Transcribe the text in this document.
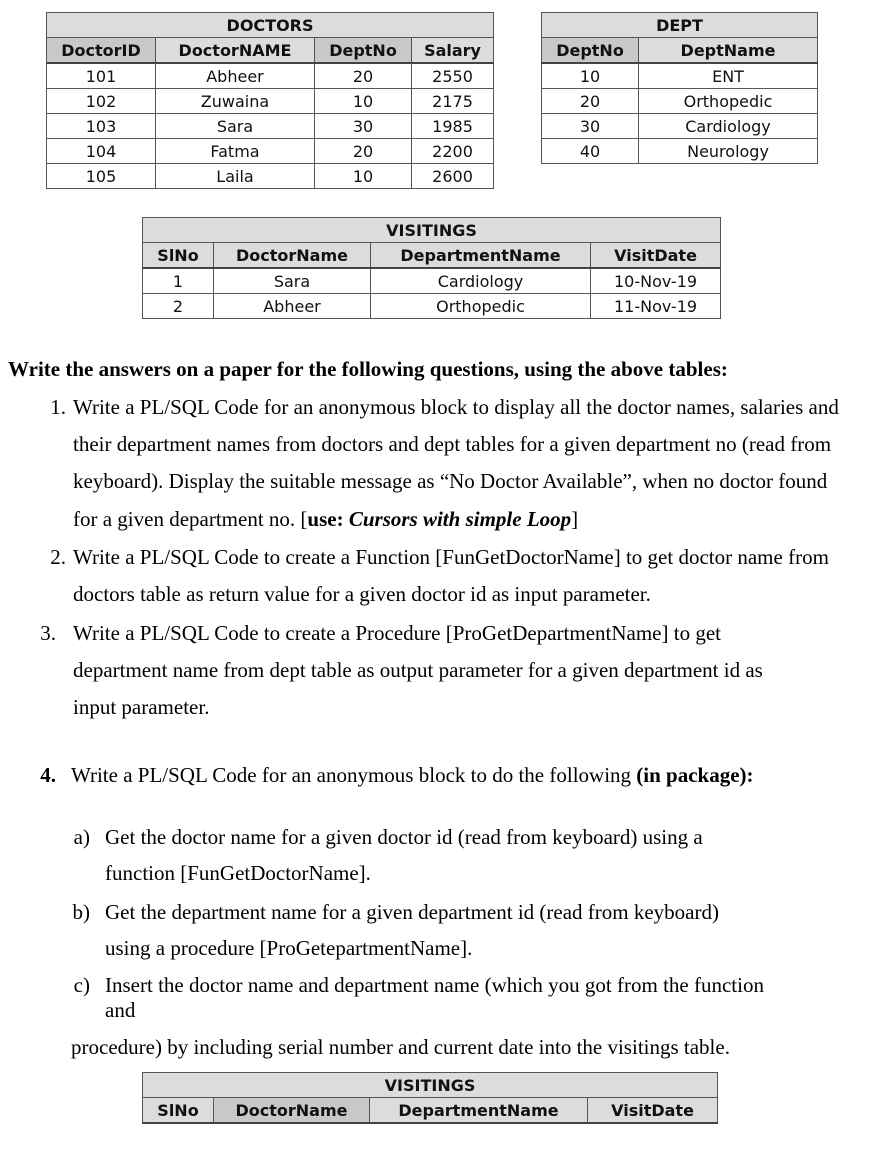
DOCTORS			
DoctorID	DoctorNAME	DeptNo	Salary
101	Abheer	20	2550
102	Zuwaina	10	2175
103	Sara	30	1985
104	Fatma	20	2200
105	Laila	10	2600
DEPT	
DeptNo	DeptName
10	ENT
20	Orthopedic
30	Cardiology
40	Neurology
VISITINGS			
SlNo	DoctorName	DepartmentName	VisitDate
1	Sara	Cardiology	10-Nov-19
2	Abheer	Orthopedic	11-Nov-19
Write the answers on a paper for the following questions, using the above tables:
1. Write a PL/SQL Code for an anonymous block to display all the doctor names, salaries and
their department names from doctors and dept tables for a given department no (read from
keyboard). Display the suitable message as “No Doctor Available”, when no doctor found
for a given department no. [use: Cursors with simple Loop]
2. Write a PL/SQL Code to create a Function [FunGetDoctorName] to get doctor name from
doctors table as return value for a given doctor id as input parameter.
3. Write a PL/SQL Code to create a Procedure [ProGetDepartmentName] to get
department name from dept table as output parameter for a given department id as
input parameter.
4. Write a PL/SQL Code for an anonymous block to do the following (in package):
a) Get the doctor name for a given doctor id (read from keyboard) using a
function [FunGetDoctorName].
b) Get the department name for a given department id (read from keyboard)
using a procedure [ProGetepartmentName].
c) Insert the doctor name and department name (which you got from the function
and
procedure) by including serial number and current date into the visitings table.
VISITINGS
SlNo	DoctorName	DepartmentName	VisitDate
